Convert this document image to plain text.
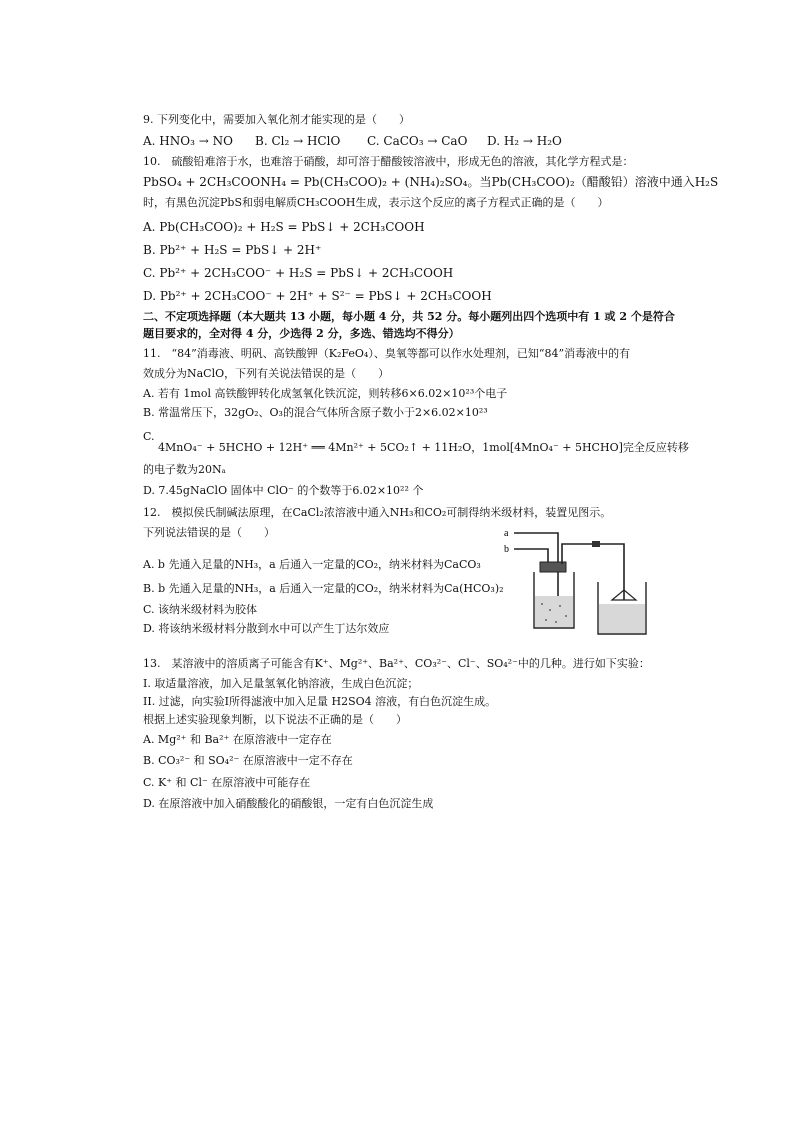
9. 下列变化中，需要加入氧化剂才能实现的是（　　）
A. HNO₃ → NO B. Cl₂ → HClO C. CaCO₃ → CaO D. H₂ → H₂O
10.　硫酸铅难溶于水，也难溶于硝酸，却可溶于醋酸铵溶液中，形成无色的溶液，其化学方程式是：
PbSO₄ + 2CH₃COONH₄ = Pb(CH₃COO)₂ + (NH₄)₂SO₄。当Pb(CH₃COO)₂（醋酸铅）溶液中通入H₂S
时，有黑色沉淀PbS和弱电解质CH₃COOH生成，表示这个反应的离子方程式正确的是（　　）
A. Pb(CH₃COO)₂ + H₂S = PbS↓ + 2CH₃COOH
B. Pb²⁺ + H₂S = PbS↓ + 2H⁺
C. Pb²⁺ + 2CH₃COO⁻ + H₂S = PbS↓ + 2CH₃COOH
D. Pb²⁺ + 2CH₃COO⁻ + 2H⁺ + S²⁻ = PbS↓ + 2CH₃COOH
二、不定项选择题（本大题共 13 小题，每小题 4 分，共 52 分。每小题列出四个选项中有 1 或 2 个是符合
题目要求的，全对得 4 分，少选得 2 分，多选、错选均不得分）
11.　“84”消毒液、明矾、高铁酸钾（K₂FeO₄）、臭氧等都可以作水处理剂，已知“84”消毒液中的有
效成分为NaClO，下列有关说法错误的是（　　）
A. 若有 1mol 高铁酸钾转化成氢氧化铁沉淀，则转移6×6.02×10²³个电子
B. 常温常压下，32gO₂、O₃的混合气体所含原子数小于2×6.02×10²³
C.
4MnO₄⁻ + 5HCHO + 12H⁺ ══ 4Mn²⁺ + 5CO₂↑ + 11H₂O，1mol[4MnO₄⁻ + 5HCHO]完全反应转移
的电子数为20Nₐ
D. 7.45gNaClO 固体中 ClO⁻ 的个数等于6.02×10²² 个
12.　模拟侯氏制碱法原理，在CaCl₂浓溶液中通入NH₃和CO₂可制得纳米级材料，装置见图示。
下列说法错误的是（　　）
A. b 先通入足量的NH₃，a 后通入一定量的CO₂，纳米材料为CaCO₃
B. b 先通入足量的NH₃，a 后通入一定量的CO₂，纳米材料为Ca(HCO₃)₂
C. 该纳米级材料为胶体
D. 将该纳米级材料分散到水中可以产生丁达尔效应
a
b
13.　某溶液中的溶质离子可能含有K⁺、Mg²⁺、Ba²⁺、CO₃²⁻、Cl⁻、SO₄²⁻中的几种。进行如下实验：
I. 取适量溶液，加入足量氢氧化钠溶液，生成白色沉淀；
II. 过滤，向实验I所得滤液中加入足量 H2SO4 溶液，有白色沉淀生成。
根据上述实验现象判断，以下说法不正确的是（　　）
A. Mg²⁺ 和 Ba²⁺ 在原溶液中一定存在
B. CO₃²⁻ 和 SO₄²⁻ 在原溶液中一定不存在
C. K⁺ 和 Cl⁻ 在原溶液中可能存在
D. 在原溶液中加入硝酸酸化的硝酸银，一定有白色沉淀生成
